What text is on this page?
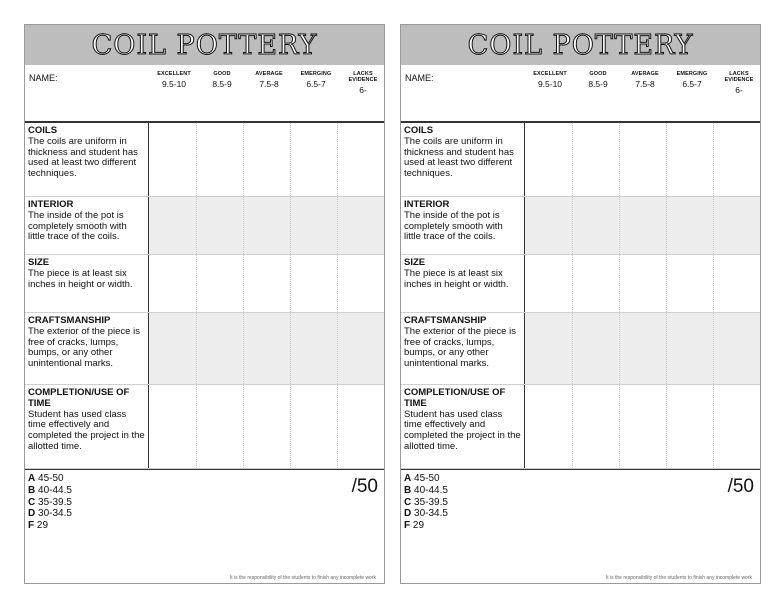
COIL POTTERY
NAME:	EXCELLENT
9.5-10
GOOD
8.5-9
AVERAGE
7.5-8
EMERGING
6.5-7
LACKS EVIDENCE
6-
COILS
The coils are uniform in thickness and student has used at least two different techniques.
INTERIOR
The inside of the pot is completely smooth with little trace of the coils.
SIZE
The piece is at least six inches in height or width.
CRAFTSMANSHIP
The exterior of the piece is free of cracks, lumps, bumps, or any other unintentional marks.
COMPLETION/USE OF TIME
Student has used class time effectively and completed the project in the allotted time.
A 45-50
B 40-44.5
C 35-39.5
D 30-34.5
F 29
/50
It is the responsibility of the students to finish any incomplete work
COIL POTTERY
NAME:	EXCELLENT
9.5-10
GOOD
8.5-9
AVERAGE
7.5-8
EMERGING
6.5-7
LACKS EVIDENCE
6-
COILS
The coils are uniform in thickness and student has used at least two different techniques.
INTERIOR
The inside of the pot is completely smooth with little trace of the coils.
SIZE
The piece is at least six inches in height or width.
CRAFTSMANSHIP
The exterior of the piece is free of cracks, lumps, bumps, or any other unintentional marks.
COMPLETION/USE OF TIME
Student has used class time effectively and completed the project in the allotted time.
A 45-50
B 40-44.5
C 35-39.5
D 30-34.5
F 29
/50
It is the responsibility of the students to finish any incomplete work
